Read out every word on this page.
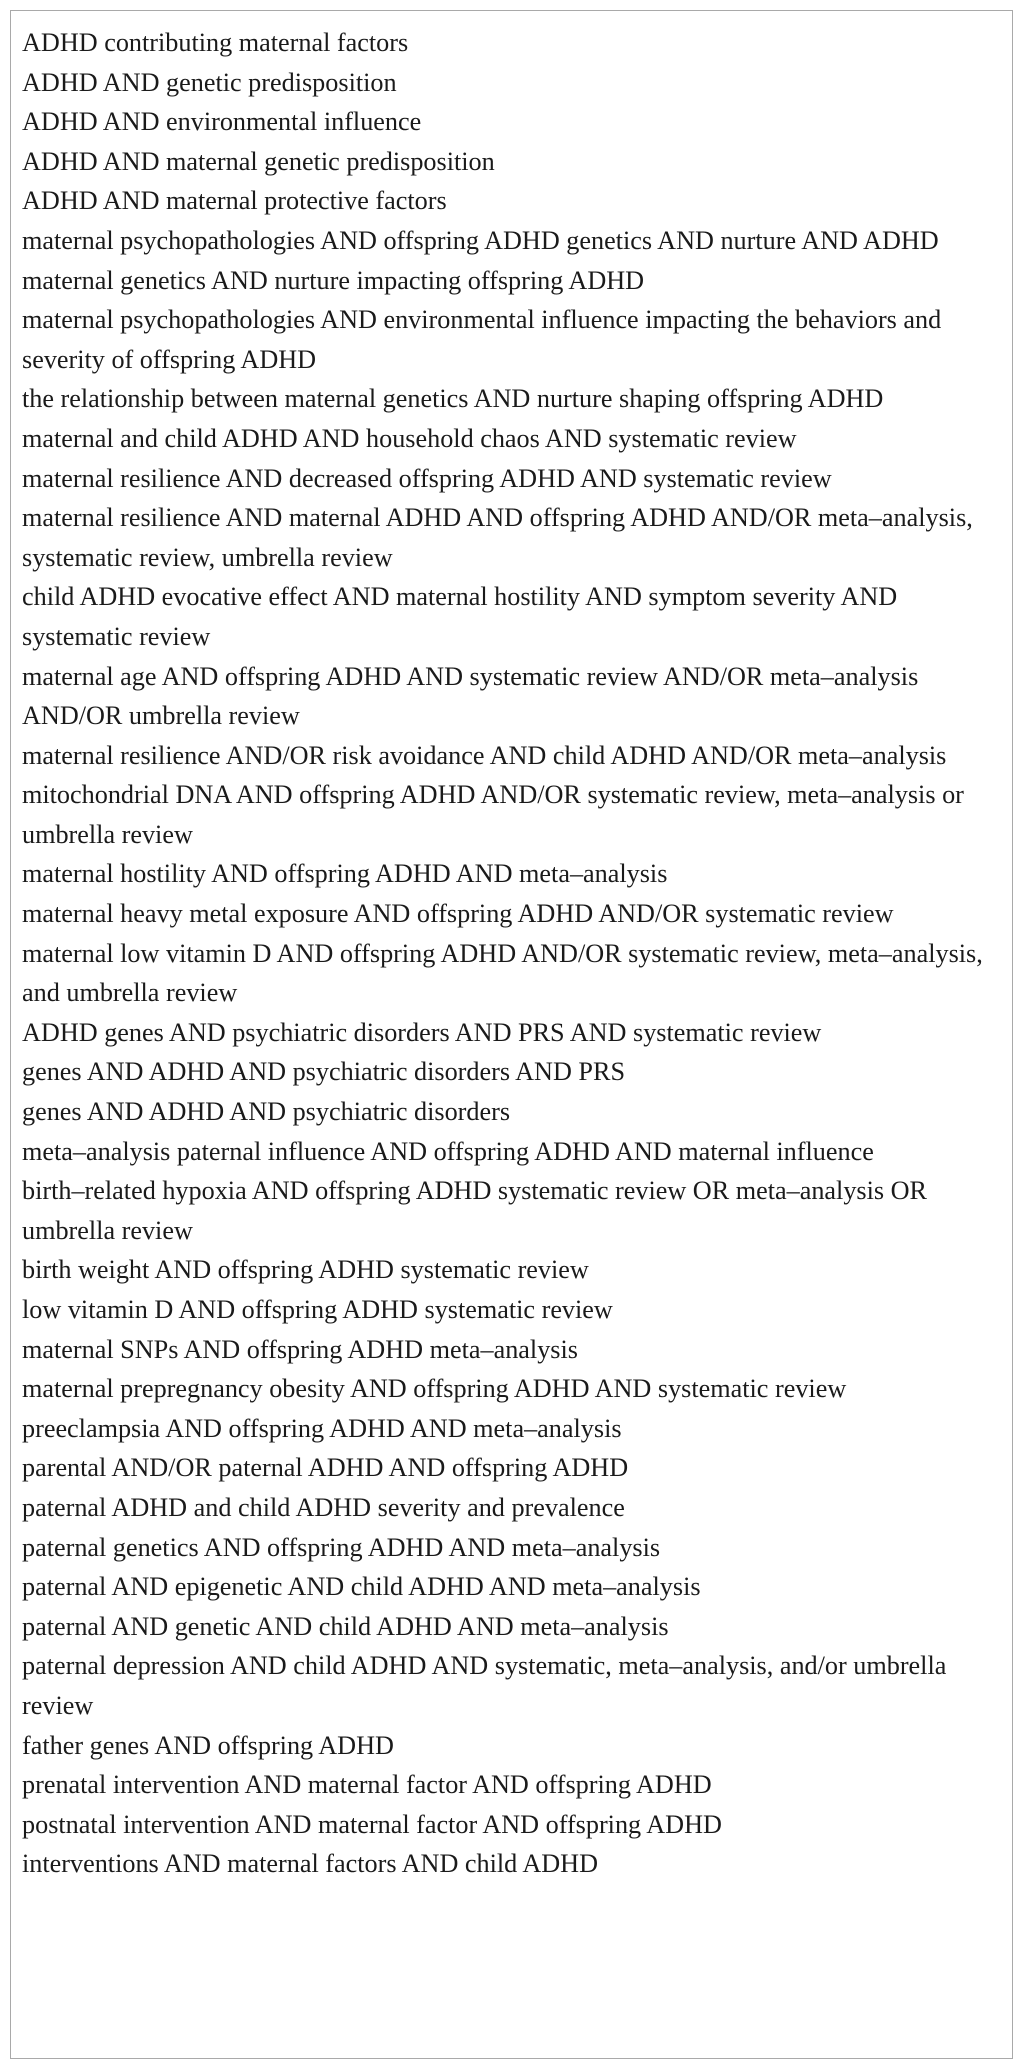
ADHD contributing maternal factors
ADHD AND genetic predisposition
ADHD AND environmental influence
ADHD AND maternal genetic predisposition
ADHD AND maternal protective factors
maternal psychopathologies AND offspring ADHD genetics AND nurture AND ADHD
maternal genetics AND nurture impacting offspring ADHD
maternal psychopathologies AND environmental influence impacting the behaviors and severity of offspring ADHD
the relationship between maternal genetics AND nurture shaping offspring ADHD
maternal and child ADHD AND household chaos AND systematic review
maternal resilience AND decreased offspring ADHD AND systematic review
maternal resilience AND maternal ADHD AND offspring ADHD AND/OR meta–analysis, systematic review, umbrella review
child ADHD evocative effect AND maternal hostility AND symptom severity AND systematic review
maternal age AND offspring ADHD AND systematic review AND/OR meta–analysis AND/OR umbrella review
maternal resilience AND/OR risk avoidance AND child ADHD AND/OR meta–analysis
mitochondrial DNA AND offspring ADHD AND/OR systematic review, meta–analysis or umbrella review
maternal hostility AND offspring ADHD AND meta–analysis
maternal heavy metal exposure AND offspring ADHD AND/OR systematic review
maternal low vitamin D AND offspring ADHD AND/OR systematic review, meta–analysis, and umbrella review
ADHD genes AND psychiatric disorders AND PRS AND systematic review
genes AND ADHD AND psychiatric disorders AND PRS
genes AND ADHD AND psychiatric disorders
meta–analysis paternal influence AND offspring ADHD AND maternal influence
birth–related hypoxia AND offspring ADHD systematic review OR meta–analysis OR umbrella review
birth weight AND offspring ADHD systematic review
low vitamin D AND offspring ADHD systematic review
maternal SNPs AND offspring ADHD meta–analysis
maternal prepregnancy obesity AND offspring ADHD AND systematic review
preeclampsia AND offspring ADHD AND meta–analysis
parental AND/OR paternal ADHD AND offspring ADHD
paternal ADHD and child ADHD severity and prevalence
paternal genetics AND offspring ADHD AND meta–analysis
paternal AND epigenetic AND child ADHD AND meta–analysis
paternal AND genetic AND child ADHD AND meta–analysis
paternal depression AND child ADHD AND systematic, meta–analysis, and/or umbrella review
father genes AND offspring ADHD
prenatal intervention AND maternal factor AND offspring ADHD
postnatal intervention AND maternal factor AND offspring ADHD
interventions AND maternal factors AND child ADHD
